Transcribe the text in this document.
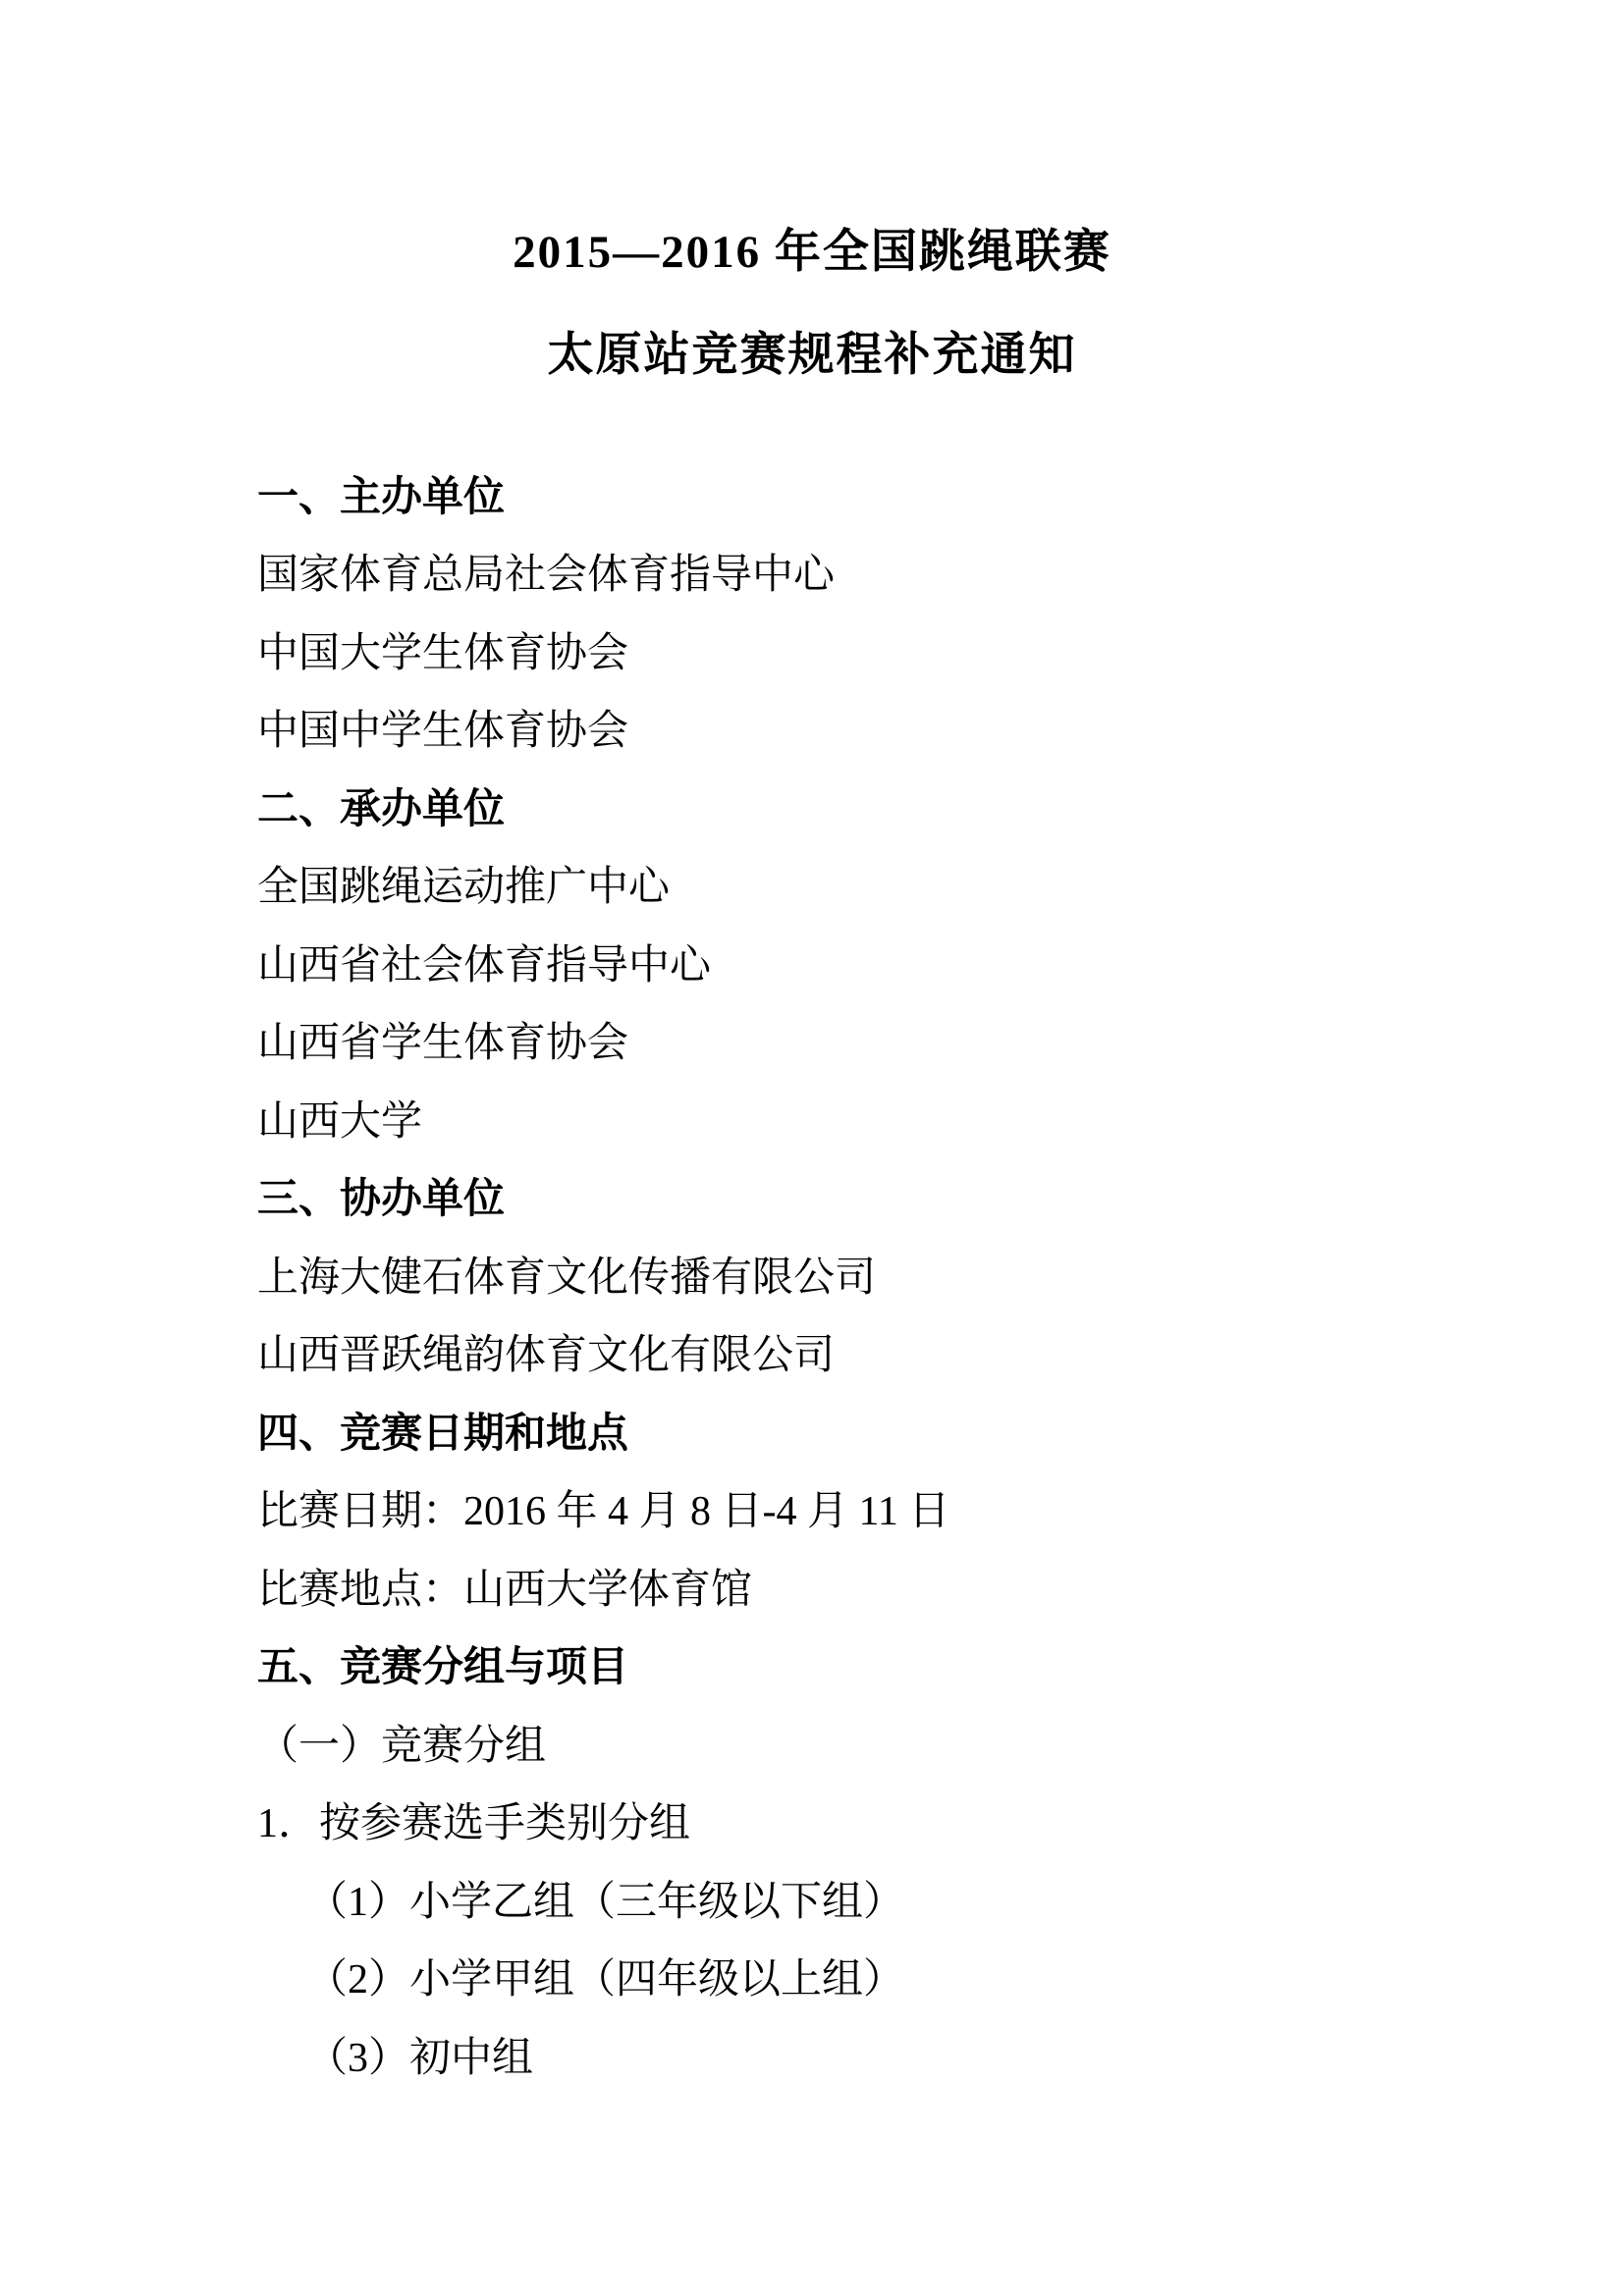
2015—2016 年全国跳绳联赛
太原站竞赛规程补充通知
一、主办单位
国家体育总局社会体育指导中心
中国大学生体育协会
中国中学生体育协会
二、承办单位
全国跳绳运动推广中心
山西省社会体育指导中心
山西省学生体育协会
山西大学
三、协办单位
上海大健石体育文化传播有限公司
山西晋跃绳韵体育文化有限公司
四、竞赛日期和地点
比赛日期：2016 年 4 月 8 日-4 月 11 日
比赛地点：山西大学体育馆
五、竞赛分组与项目
（一）竞赛分组
1．按参赛选手类别分组
（1）小学乙组（三年级以下组）
（2）小学甲组（四年级以上组）
（3）初中组
